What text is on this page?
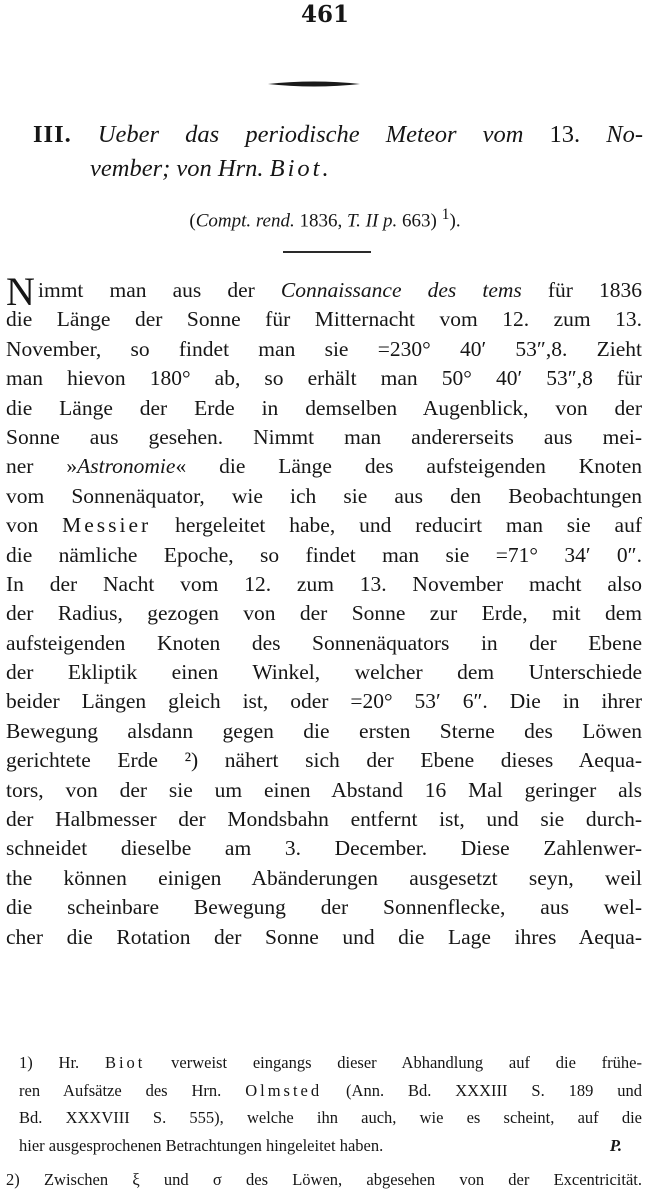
461
III. Ueber das periodische Meteor vom 13. No-
vember; von Hrn. Biot.
(Compt. rend. 1836, T. II p. 663) $^1$).
N immt man aus der Connaissance des tems für 1836
die Länge der Sonne für Mitternacht vom 12. zum 13.
November, so findet man sie =230° 40′ 53″,8. Zieht
man hievon 180° ab, so erhält man 50° 40′ 53″,8 für
die Länge der Erde in demselben Augenblick, von der
Sonne aus gesehen. Nimmt man andererseits aus mei-
ner »Astronomie« die Länge des aufsteigenden Knoten
vom Sonnenäquator, wie ich sie aus den Beobachtungen
von Messier hergeleitet habe, und reducirt man sie auf
die nämliche Epoche, so findet man sie =71° 34′ 0″.
In der Nacht vom 12. zum 13. November macht also
der Radius, gezogen von der Sonne zur Erde, mit dem
aufsteigenden Knoten des Sonnenäquators in der Ebene
der Ekliptik einen Winkel, welcher dem Unterschiede
beider Längen gleich ist, oder =20° 53′ 6″. Die in ihrer
Bewegung alsdann gegen die ersten Sterne des Löwen
gerichtete Erde ²) nähert sich der Ebene dieses Aequa-
tors, von der sie um einen Abstand 16 Mal geringer als
der Halbmesser der Mondsbahn entfernt ist, und sie durch-
schneidet dieselbe am 3. December. Diese Zahlenwer-
the können einigen Abänderungen ausgesetzt seyn, weil
die scheinbare Bewegung der Sonnenflecke, aus wel-
cher die Rotation der Sonne und die Lage ihres Aequa-
1) Hr. Biot verweist eingangs dieser Abhandlung auf die frühe-
ren Aufsätze des Hrn. Olmsted (Ann. Bd. XXXIII S. 189 und
Bd. XXXVIII S. 555), welche ihn auch, wie es scheint, auf die
hier ausgesprochenen Betrachtungen hingeleitet haben.	P.
2) Zwischen ξ und σ des Löwen, abgesehen von der Excentricität.
